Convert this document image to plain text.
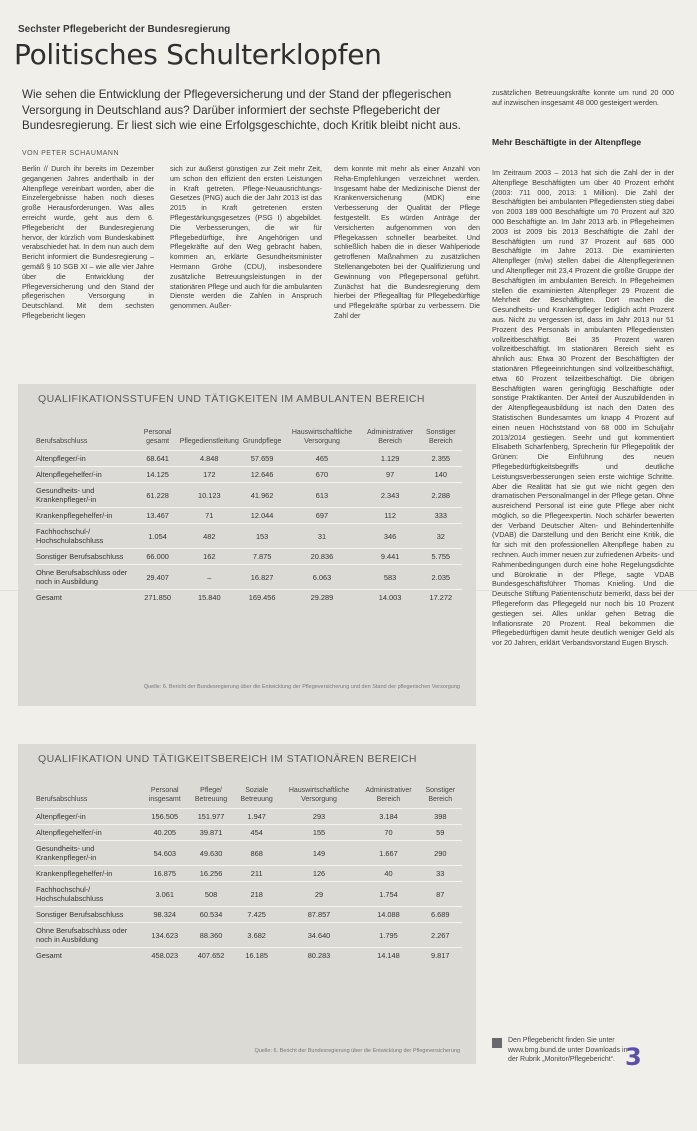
Sechster Pflegebericht der Bundesregierung
Politisches Schulterklopfen
Wie sehen die Entwicklung der Pflegeversicherung und der Stand der pflegerischen Versorgung in Deutschland aus? Darüber informiert der sechste Pflegebericht der Bundesregierung. Er liest sich wie eine Erfolgsgeschichte, doch Kritik bleibt nicht aus.
VON PETER SCHAUMANN
Berlin // Durch ihr bereits im Dezember gegangenen Jahres anderthalb in der Altenpflege vereinbart worden, aber die Einzelergebnisse haben noch dieses große Herausforderungen. Was alles erreicht wurde, geht aus dem 6. Pflegebericht der Bundesregierung hervor, der kürzlich vom Bundeskabinett verabschiedet hat. In dem nun auch dem Bericht informiert die Bundesregierung – gemäß § 10 SGB XI – wie alle vier Jahre über die Entwicklung der Pflegeversicherung und den Stand der pflegerischen Versorgung in Deutschland. Mit dem sechsten Pflegebericht liegen
sich zur äußerst günstigen zur Zeit mehr Zeit, um schon den effizient den ersten Leistungen in Kraft getreten. Pflege-Neuausrichtungs-Gesetzes (PNG) auch die der Jahr 2013 ist das 2015 in Kraft getretenen ersten Pflegestärkungsgesetzes (PSG I) abgebildet. Die Verbesserungen, die wir für Pflegebedürftige, ihre Angehörigen und Pflegekräfte auf den Weg gebracht haben, kommen an, erklärte Gesundheitsminister Hermann Gröhe (CDU), insbesondere zusätzliche Betreuungsleistungen in der stationären Pflege und auch für die ambulanten Dienste werden die Zahlen in Anspruch genommen. Außer-
dem konnte mit mehr als einer Anzahl von Reha-Empfehlungen verzeichnet werden. Insgesamt habe der Medizinische Dienst der Krankenversicherung (MDK) eine Verbesserung der Qualität der Pflege festgestellt. Es würden Anträge der Versicherten aufgenommen von den Pflegekassen schneller bearbeitet. Und schließlich haben die in dieser Wahlperiode getroffenen Maßnahmen zu zusätzlichen Stellenangeboten bei der Qualifizierung und Gewinnung von Pflegepersonal geführt. Zunächst hat die Bundesregierung dem hierbei der Pflegealltag für Pflegebedürftige und Pflegekräfte spürbar zu verbessern. Die Zahl der
zusätzlichen Betreuungskräfte konnte um rund 20 000 auf inzwischen insgesamt 48 000 gesteigert werden.
Mehr Beschäftigte in der Altenpflege
Im Zeitraum 2003 – 2013 hat sich die Zahl der in der Altenpflege Beschäftigten um über 40 Prozent erhöht (2003: 711 000, 2013: 1 Million). Die Zahl der Beschäftigten bei ambulanten Pflegediensten stieg dabei von 2003 189 000 Beschäftigte um 70 Prozent auf 320 000 Beschäftigte an. Im Jahr 2013 arb. in Pflegeheimen 2003 ist 2009 bis 2013 Beschäftigte die Zahl der Beschäftigten um rund 37 Prozent auf 685 000 Beschäftigte im Jahre 2013. Die examinierten Altenpfleger (m/w) stellen dabei die Altenpflegerinnen und Altenpfleger mit 23,4 Prozent die größte Gruppe der Beschäftigten im ambulanten Bereich. In Pflegeheimen stellen die examinierten Altenpfleger 29 Prozent die Mehrheit der Beschäftigten. Dort machen die Gesundheits- und Krankenpfleger lediglich acht Prozent aus. Nicht zu vergessen ist, dass im Jahr 2013 nur 51 Prozent des Personals in ambulanten Pflegediensten vollzeitbeschäftigt. Bei 35 Prozent waren vollzeitbeschäftigt. Im stationären Bereich sieht es ähnlich aus: Etwa 30 Prozent der Beschäftigten der stationären Pflegeeinrichtungen sind vollzeitbeschäftigt, etwa 60 Prozent teilzeitbeschäftigt. Die übrigen Beschäftigten waren geringfügig Beschäftigte oder sonstige Praktikanten. Der Anteil der Auszubildenden in der Altenpflegeausbildung ist nach den Daten des Statistischen Bundesamtes um knapp 4 Prozent auf einen neuen Höchststand von 68 000 im Schuljahr 2013/2014 gestiegen. Seehr und gut kommentiert Elisabeth Scharfenberg, Sprecherin für Pflegepolitik der Grünen: Die Einführung des neuen Pflegebedürftigkeitsbegriffs und deutliche Leistungsverbesserungen seien erste wichtige Schritte. Aber die Realität hat sie gut wie nicht gegen den dramatischen Personalmangel in der Pflege getan. Ohne ausreichend Personal ist eine gute Pflege aber nicht möglich, so die Pflegeexpertin. Noch schärfer bewerten der Verband Deutscher Alten- und Behindertenhilfe (VDAB) die Darstellung und den Bericht eine Kritik, die für sich mit den professionellen Altenpflege haben zu rechnen. Auch immer neuen zur zufriedenen Arbeits- und Rahmenbedingungen durch eine hohe Regelungsdichte und Bürokratie in der Pflege, sagte VDAB Bundesgeschäftsführer Thomas Knieling. Und die Deutsche Stiftung Patientenschutz bemerkt, dass bei der Pflegereform das Pflegegeld nur noch bis 10 Prozent gestiegen sei. Alles unklar gehen Betrag die Inflationsrate 20 Prozent. Real bekommen die Pflegebedürftigen damit heute deutlich weniger Geld als vor 20 Jahren, erklärt Verbandsvorstand Eugen Brysch.
QUALIFIKATIONSSTUFEN UND TÄTIGKEITEN IM AMBULANTEN BEREICH
Berufsabschluss	Personal gesamt	Pflegedienstleitung	Grundpflege	Hauswirtschaftliche Versorgung	Administrativer Bereich	Sonstiger Bereich
Altenpfleger/-in	68.641	4.848	57.659	465	1.129	2.355
Altenpflegehelfer/-in	14.125	172	12.646	670	97	140
Gesundheits- und Krankenpfleger/-in	61.228	10.123	41.962	613	2.343	2.288
Krankenpflegehelfer/-in	13.467	71	12.044	697	112	333
Fachhochschul-/ Hochschulabschluss	1.054	482	153	31	346	32
Sonstiger Berufsabschluss	66.000	162	7.875	20.836	9.441	5.755
Ohne Berufsabschluss oder noch in Ausbildung	29.407	–	16.827	6.063	583	2.035
Gesamt	271.850	15.840	169.456	29.289	14.003	17.272
Quelle: 6. Bericht der Bundesregierung über die Entwicklung der Pflegeversicherung und den Stand der pflegerischen Versorgung
QUALIFIKATION UND TÄTIGKEITSBEREICH IM STATIONÄREN BEREICH
Berufsabschluss	Personal insgesamt	Pflege/ Betreuung	Soziale Betreuung	Hauswirtschaftliche Versorgung	Administrativer Bereich	Sonstiger Bereich
Altenpfleger/-in	156.505	151.977	1.947	293	3.184	398
Altenpflegehelfer/-in	40.205	39.871	454	155	70	59
Gesundheits- und Krankenpfleger/-in	54.603	49.630	868	149	1.667	290
Krankenpflegehelfer/-in	16.875	16.256	211	126	40	33
Fachhochschul-/ Hochschulabschluss	3.061	508	218	29	1.754	87
Sonstiger Berufsabschluss	98.324	60.534	7.425	87.857	14.088	6.689
Ohne Berufsabschluss oder noch in Ausbildung	134.623	88.360	3.682	34.640	1.795	2.267
Gesamt	458.023	407.652	16.185	80.283	14.148	9.817
Quelle: 6. Bericht der Bundesregierung über die Entwicklung der Pflegeversicherung
Den Pflegebericht finden Sie unter www.bmg.bund.de unter Downloads in der Rubrik „Monitor/Pflegebericht“. 3
